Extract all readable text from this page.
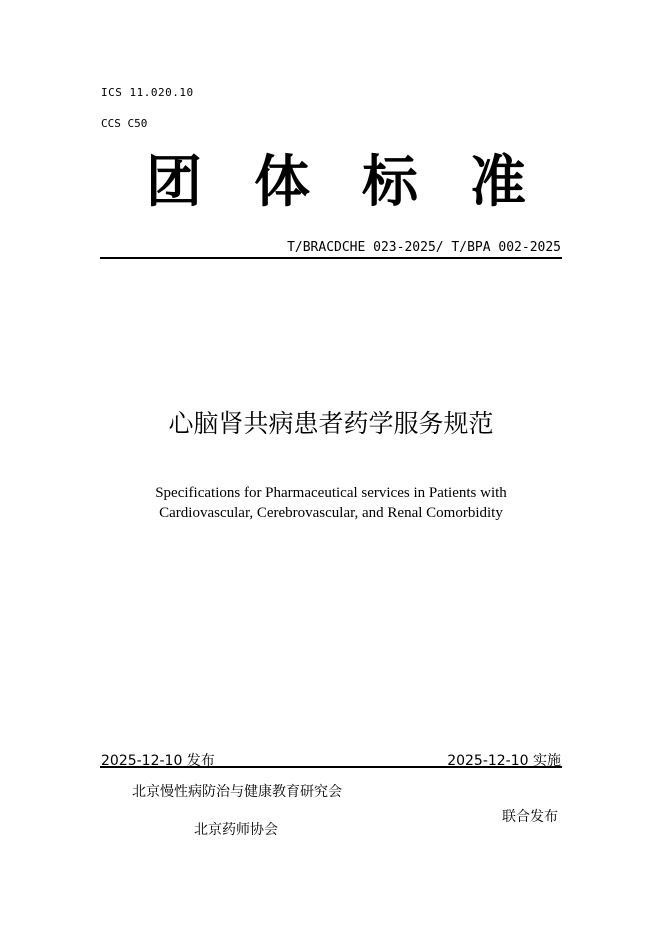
ICS 11.020.10
CCS C50
团 体 标 准
T/BRACDCHE 023-2025/ T/BPA 002-2025
心脑肾共病患者药学服务规范
Specifications for Pharmaceutical services in Patients with
Cardiovascular, Cerebrovascular, and Renal Comorbidity
2025-12-10 发布	2025-12-10 实施
北京慢性病防治与健康教育研究会
北京药师协会
联合发布
